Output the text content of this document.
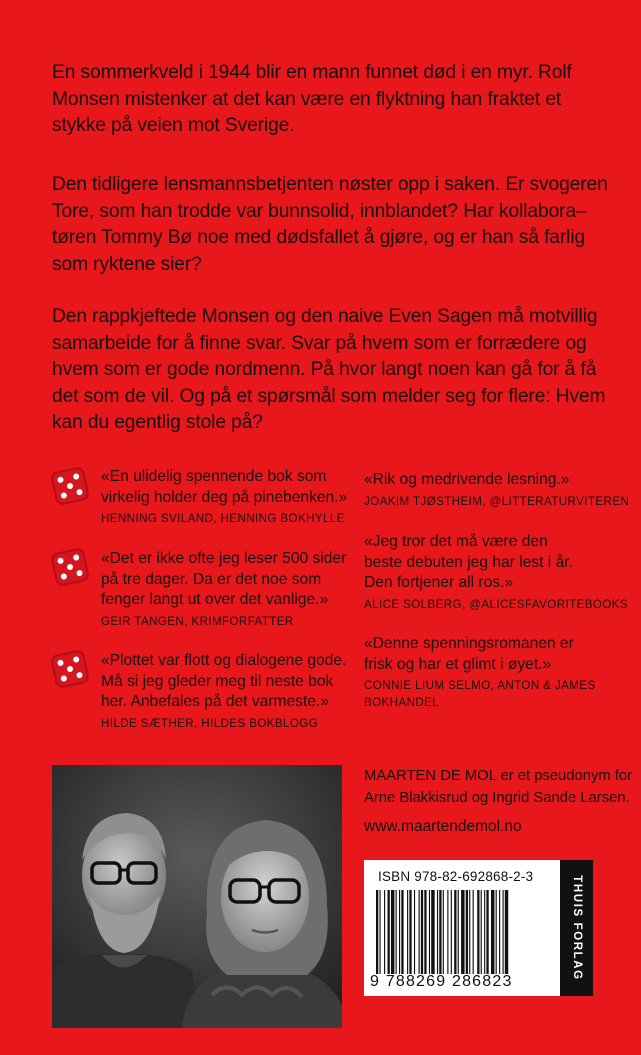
En sommerkveld i 1944 blir en mann funnet død i en myr. Rolf Monsen mistenker at det kan være en flyktning han fraktet et stykke på veien mot Sverige.

Den tidligere lensmannsbetjenten nøster opp i saken. Er svogeren Tore, som han trodde var bunnsolid, innblandet? Har kollabora–tøren Tommy Bø noe med dødsfallet å gjøre, og er han så farlig som ryktene sier?

Den rappkjeftede Monsen og den naive Even Sagen må motvillig samarbeide for å finne svar. Svar på hvem som er forrædere og hvem som er gode nordmenn. På hvor langt noen kan gå for å få det som de vil. Og på et spørsmål som melder seg for flere: Hvem kan du egentlig stole på?

«En ulidelig spennende bok som
virkelig holder deg på pinebenken.»
HENNING SVILAND, HENNING BOKHYLLE
«Det er ikke ofte jeg leser 500 sider
på tre dager. Da er det noe som
fenger langt ut over det vanlige.»
GEIR TANGEN, KRIMFORFATTER
«Plottet var flott og dialogene gode.
Må si jeg gleder meg til neste bok
her. Anbefales på det varmeste.»
HILDE SÆTHER, HILDES BOKBLOGG
«Rik og medrivende lesning.»
JOAKIM TJØSTHEIM, @LITTERATURVITEREN
«Jeg tror det må være den
beste debuten jeg har lest i år.
Den fortjener all ros.»
ALICE SOLBERG, @ALICESFAVORITEBOOKS
«Denne spenningsromanen er
frisk og har et glimt i øyet.»
CONNIE LIUM SELMO, ANTON & JAMES
BOKHANDEL
MAARTEN DE MOL er et pseudonym for
Arne Blakkisrud og Ingrid Sande Larsen.
www.maartendemol.no
ISBN 978-82-692868-2-3
9 788269 286823
THUIS FORLAG
